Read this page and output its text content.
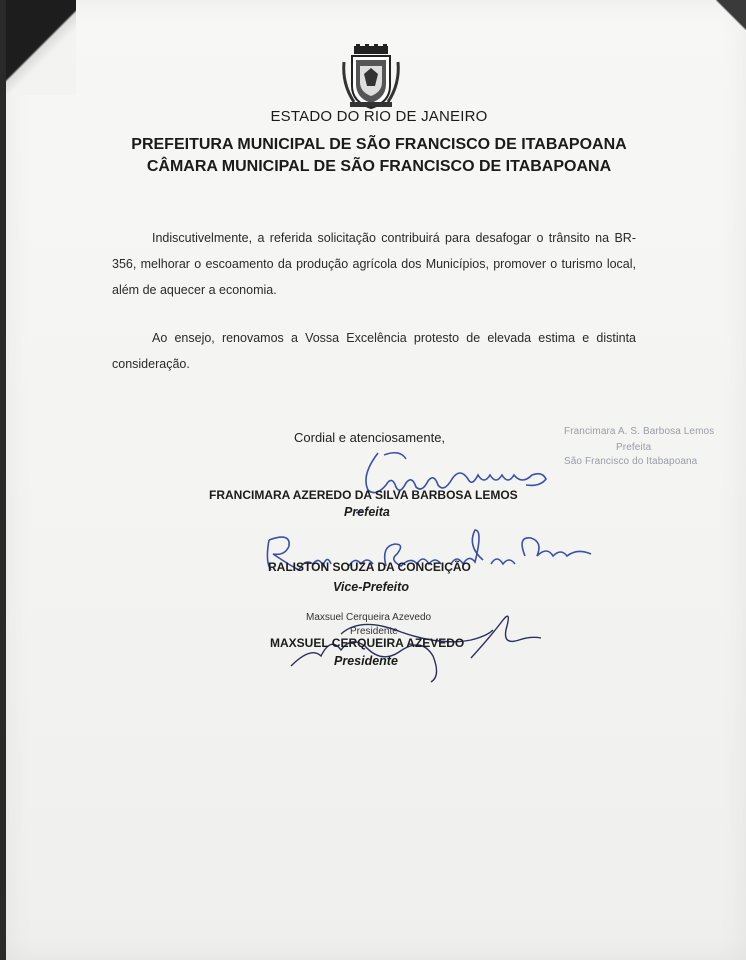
ESTADO DO RIO DE JANEIRO
PREFEITURA MUNICIPAL DE SÃO FRANCISCO DE ITABAPOANA
CÂMARA MUNICIPAL DE SÃO FRANCISCO DE ITABAPOANA
Indiscutivelmente, a referida solicitação contribuirá para desafogar o trânsito na BR-356, melhorar o escoamento da produção agrícola dos Municípios, promover o turismo local, além de aquecer a economia.
Ao ensejo, renovamos a Vossa Excelência protesto de elevada estima e distinta consideração.
Cordial e atenciosamente,	Francimara A. S. Barbosa Lemos
Prefeita
São Francisco do Itabapoana
FRANCIMARA AZEREDO DA SILVA BARBOSA LEMOS
Prefeita
RALISTON SOUZA DA CONCEIÇÃO
Vice-Prefeito
Maxsuel Cerqueira Azevedo
Presidente
MAXSUEL CERQUEIRA AZEVEDO
Presidente
